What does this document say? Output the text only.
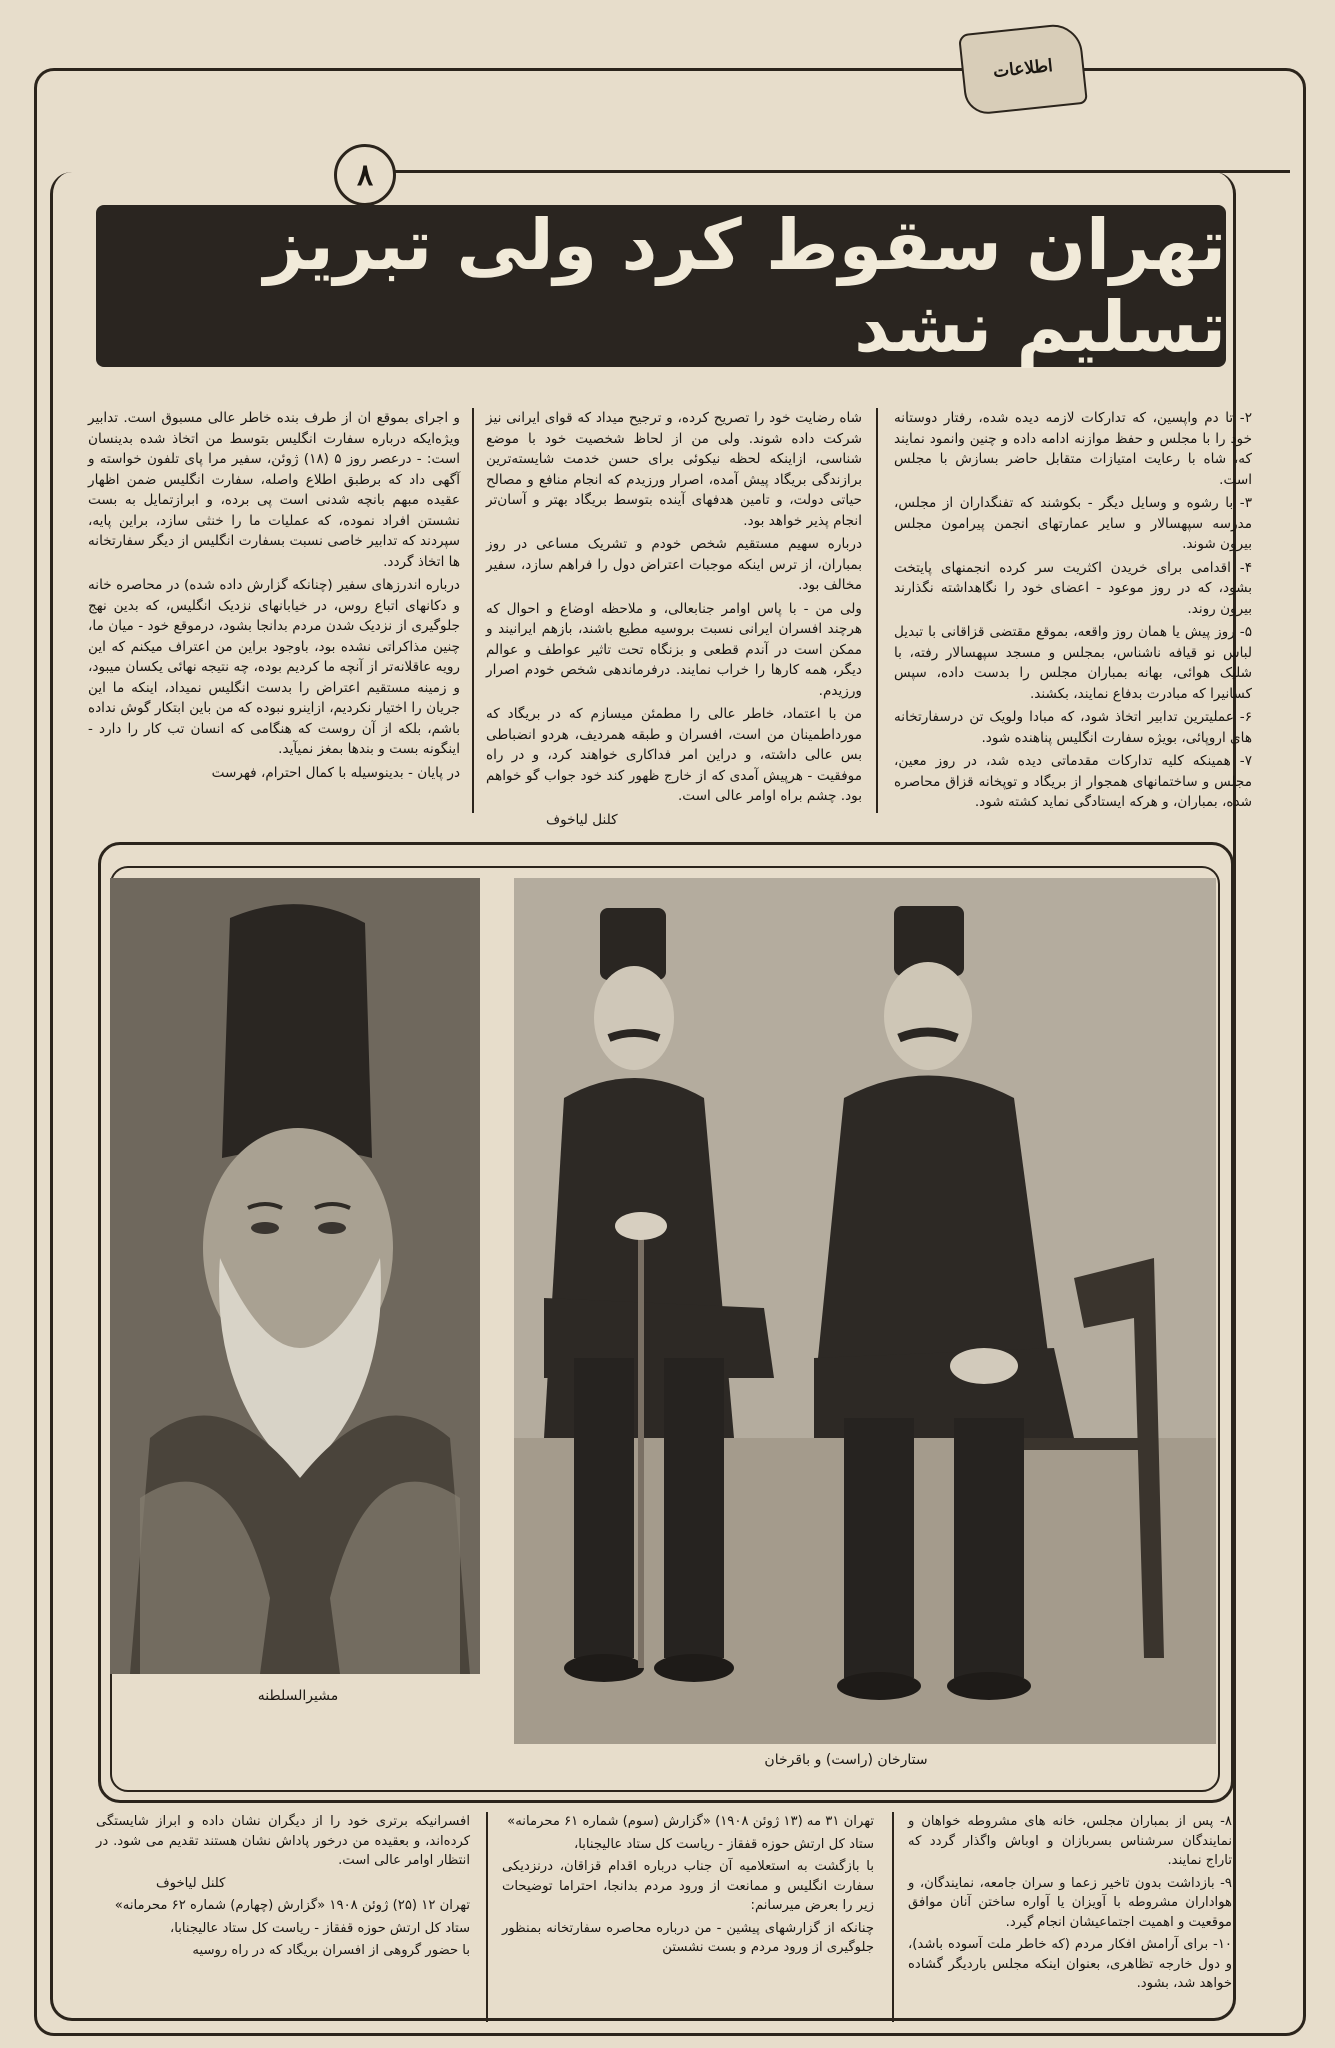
اطلاعات
۸
تهران سقوط کرد ولی تبریز تسلیم نشد

۲- تا دم واپسین، که تدارکات لازمه دیده شده، رفتار دوستانه خود را با مجلس و حفظ موازنه ادامه داده و چنین وانمود نمایند که، شاه با رعایت امتیازات متقابل حاضر بسازش با مجلس است.

۳- با رشوه و وسایل دیگر - بکوشند که تفنگداران از مجلس، مدرسه سپهسالار و سایر عمارتهای انجمن پیرامون مجلس بیرون شوند.

۴- اقدامی برای خریدن اکثریت سر کرده انجمنهای پایتخت بشود، که در روز موعود - اعضای خود را نگاهداشته نگذارند بیرون روند.

۵- روز پیش یا همان روز واقعه، بموقع مقتضی قزاقانی با تبدیل لباس نو قیافه ناشناس، بمجلس و مسجد سپهسالار رفته، با شلیک هوائی، بهانه بمباران مجلس را بدست داده، سپس کسانیرا که مبادرت بدفاع نمایند، بکشند.

۶- عملیترین تدابیر اتخاذ شود، که مبادا ولویک تن درسفارتخانه های اروپائی، بویژه سفارت انگلیس پناهنده شود.

۷- همینکه کلیه تدارکات مقدماتی دیده شد، در روز معین، مجلس و ساختمانهای همجوار از بریگاد و توپخانه قزاق محاصره شده، بمباران، و هرکه ایستادگی نماید کشته شود.

شاه رضایت خود را تصریح کرده، و ترجیح میداد که قوای ایرانی نیز شرکت داده شوند. ولی من از لحاظ شخصیت خود با موضع شناسی، ازاینکه لحظه نیکوئی برای حسن خدمت شایسته‌ترین برازندگی بریگاد پیش آمده، اصرار ورزیدم که انجام منافع و مصالح حیاتی دولت، و تامین هدفهای آینده بتوسط بریگاد بهتر و آسان‌تر انجام پذیر خواهد بود.

درباره سهیم مستقیم شخص خودم و تشریک مساعی در روز بمباران، از ترس اینکه موجبات اعتراض دول را فراهم سازد، سفیر مخالف بود.

ولی من - با پاس اوامر جنابعالی، و ملاحظه اوضاع و احوال که هرچند افسران ایرانی نسبت بروسیه مطیع باشند، بازهم ایرانیند و ممکن است در آندم قطعی و بزنگاه تحت تاثیر عواطف و عوالم دیگر، همه کارها را خراب نمایند. درفرماندهی شخص خودم اصرار ورزیدم.

من با اعتماد، خاطر عالی را مطمئن میسازم که در بریگاد که مورداطمینان من است، افسران و طبقه همردیف، هردو انضباطی بس عالی داشته، و دراین امر فداکاری خواهند کرد، و در راه موفقیت - هرپیش آمدی که از خارج ظهور کند خود جواب گو خواهم بود. چشم براه اوامر عالی است.

کلنل لیاخوف

و اجرای بموقع ان از طرف بنده خاطر عالی مسبوق است. تدابیر ویژه‌ایکه درباره سفارت انگلیس بتوسط من اتخاذ شده بدینسان است: - درعصر روز ۵ (۱۸) ژوئن، سفیر مرا پای تلفون خواسته و آگهی داد که برطبق اطلاع واصله، سفارت انگلیس ضمن اظهار عقیده مبهم بانچه شدنی است پی برده، و ابرازتمایل به بست نشستن افراد نموده، که عملیات ما را خنثی سازد، براین پایه، سپردند که تدابیر خاصی نسبت بسفارت انگلیس از دیگر سفارتخانه ها اتخاذ گردد.

درباره اندرزهای سفیر (چنانکه گزارش داده شده) در محاصره خانه و دکانهای اتباع روس، در خیابانهای نزدیک انگلیس، که بدین نهج جلوگیری از نزدیک شدن مردم بدانجا بشود، درموقع خود - میان ما، چنین مذاکراتی نشده بود، باوجود براین من اعتراف میکنم که این رویه عاقلانه‌تر از آنچه ما کردیم بوده، چه نتیجه نهائی یکسان میبود، و زمینه مستقیم اعتراض را بدست انگلیس نمیداد، اینکه ما این جریان را اختیار نکردیم، ازاینرو نبوده که من باین ابتکار گوش نداده باشم، بلکه از آن روست که هنگامی که انسان تب کار را دارد - اینگونه بست و بندها بمغز نمیآید.

در پایان - بدینوسیله با کمال احترام، فهرست

مشیرالسلطنه
ستارخان (راست) و باقرخان

۸- پس از بمباران مجلس، خانه های مشروطه خواهان و نمایندگان سرشناس بسربازان و اوباش واگذار گردد که تاراج نمایند.

۹- بازداشت بدون تاخیر زعما و سران جامعه، نمایندگان، و هواداران مشروطه با آویزان یا آواره ساختن آنان موافق موقعیت و اهمیت اجتماعیشان انجام گیرد.

۱۰- برای آرامش افکار مردم (که خاطر ملت آسوده باشد)، و دول خارجه تظاهری، بعنوان اینکه مجلس باردیگر گشاده خواهد شد، بشود.

تهران ۳۱ مه (۱۳ ژوئن ۱۹۰۸) «گزارش (سوم) شماره ۶۱ محرمانه»

ستاد کل ارتش حوزه قفقاز - ریاست کل ستاد عالیجنابا،

با بازگشت به استعلامیه آن جناب درباره اقدام قزاقان، درنزدیکی سفارت انگلیس و ممانعت از ورود مردم بدانجا، احتراما توضیحات زیر را بعرض میرسانم:

چنانکه از گزارشهای پیشین - من درباره محاصره سفارتخانه بمنظور جلوگیری از ورود مردم و بست نشستن

افسرانیکه برتری خود را از دیگران نشان داده و ابراز شایستگی کرده‌اند، و بعقیده من درخور پاداش نشان هستند تقدیم می شود. در انتظار اوامر عالی است.

کلنل لیاخوف

تهران ۱۲ (۲۵) ژوئن ۱۹۰۸ «گزارش (چهارم) شماره ۶۲ محرمانه»

ستاد کل ارتش حوزه قفقاز - ریاست کل ستاد عالیجنابا،

با حضور گروهی از افسران بریگاد که در راه روسیه
